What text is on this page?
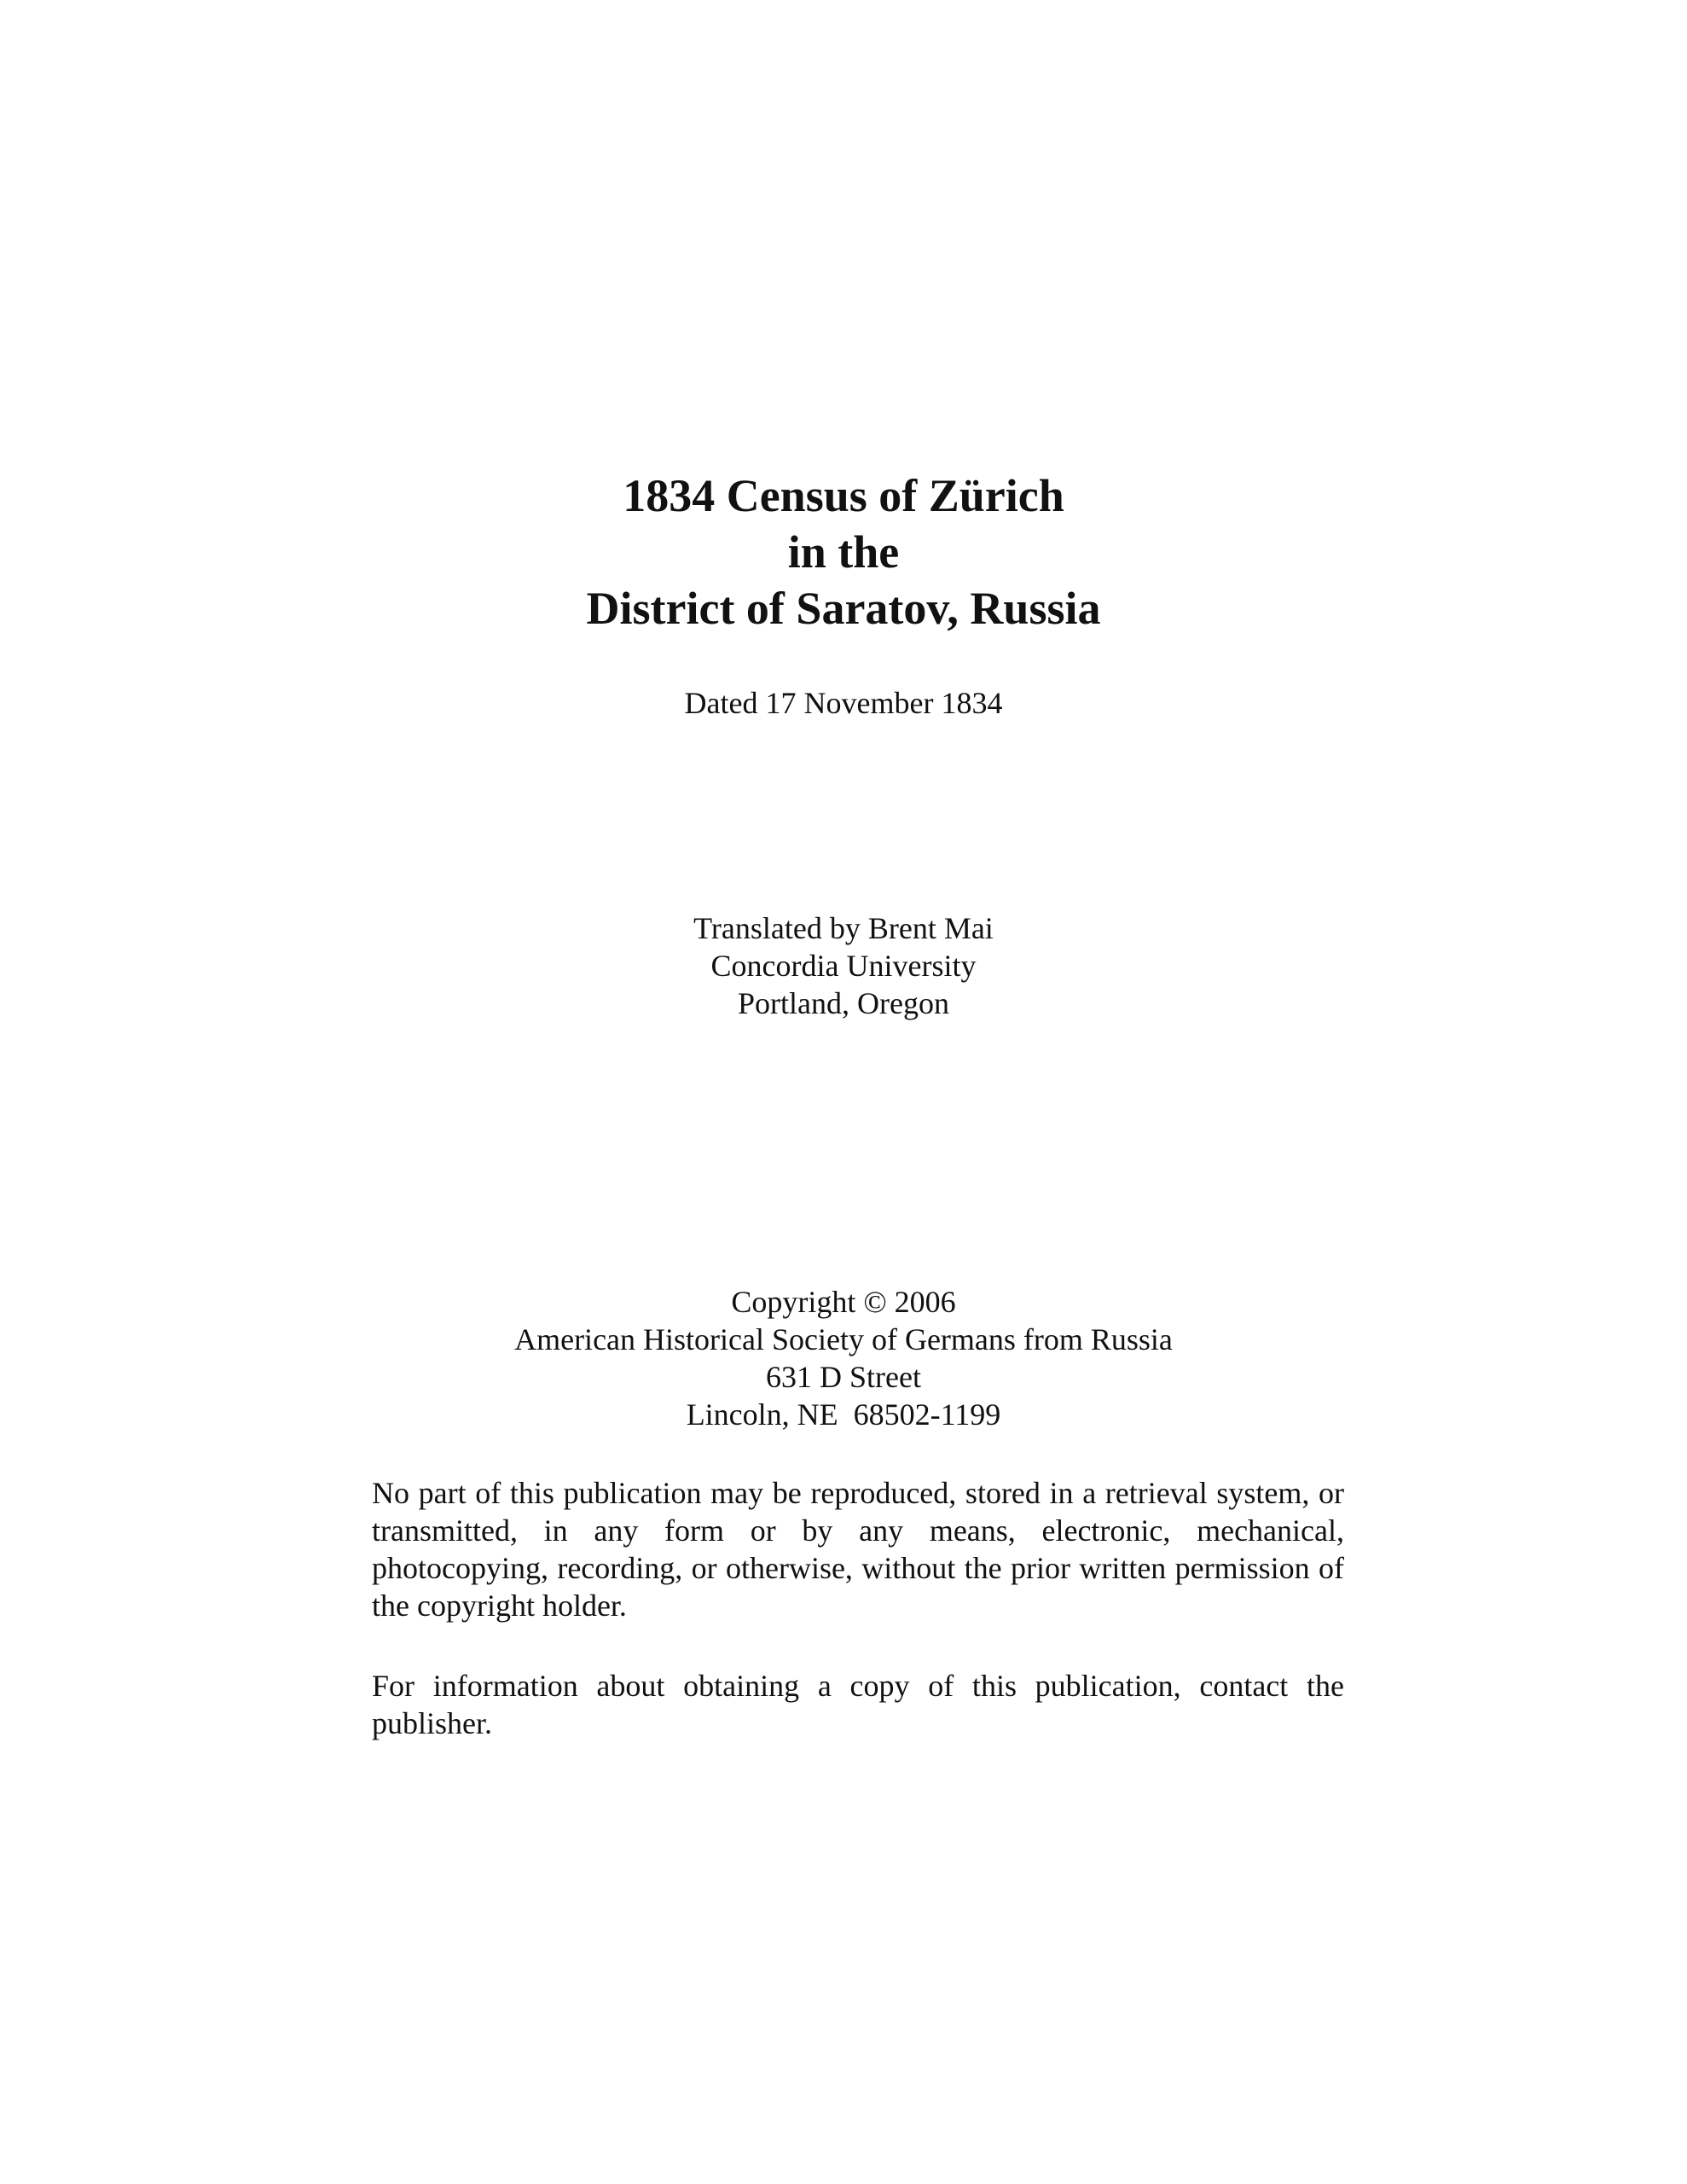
1834 Census of Zürich
in the
District of Saratov, Russia
Dated 17 November 1834
Translated by Brent Mai
Concordia University
Portland, Oregon
Copyright © 2006
American Historical Society of Germans from Russia
631 D Street
Lincoln, NE  68502-1199

No part of this publication may be reproduced, stored in a retrieval system, or transmitted, in any form or by any means, electronic, mechanical, photocopying, recording, or otherwise, without the prior written permission of the copyright holder.

For information about obtaining a copy of this publication, contact the publisher.
